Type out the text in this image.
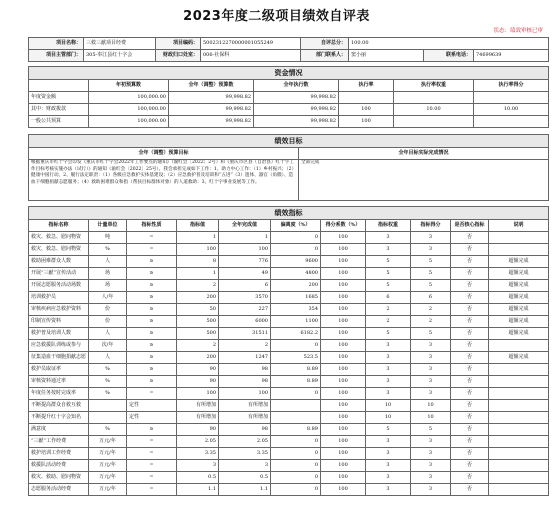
2023年度二级项目绩效自评表
状态：绩效审核已审
项目名称：	三救三献项目经费	项目编码：	5002312270000001055249	自评总分：	100.00		
项目主管部门：	305-奉江县红十字会	财政归口处室：	006-社保科	部门联系人：	窦小丽	联系电话：	74699639
资金情况						
	年初预算数	全年（调整）预算数	全年执行数	执行率	执行率权重	执行率得分
年度资金额	100,000.00	99,998.82	99,998.82			
其中：财政拨款	100,000.00	99,998.82	99,998.82	100	10.00	10.00
一般公共预算	100,000.00	99,998.82	99,998.82	100		
绩效目标	
全年（调整）预算目标	全年目标实际完成情况
根据重庆市红十字会印发《重庆市红十字会2022年工作要点的通知》（渝红会〔2022〕2号）和《重庆市区县（自治县）红十字工作目标考核实施办法（试行）》的通知（渝红会〔2022〕25号），我会承担完成如下工作：1、助力中心工作：（1）乡村振兴；（2）健康中国行动。2、履行法定职责：（1）各级应急救护实体基建设；（2）应急救护普及培训和“五进”（3）遗体、器官（角膜）、造血干细胞捐献志愿服务；（4）救助困难群众和指（帮扶目标群体对象）的人道救助：3、红十字事业发展等工作。	全部完成
绩效指标										
指标名称	计量单位	指标性质	指标值	全年完成值	偏离度（%）	得分系数（%）	指标权重	指标得分	是否核心指标	说明
救灾、救急、慰问物资	吨	=	1	1	0	100	3	3	否	
救灾、救急、慰问物资	%	=	100	100	0	100	3	3	否	
救助困难群众人数	人	≥	8	776	9600	100	5	5	否	超额完成
开展“三献”宣传活动	场	≥	1	49	4800	100	5	5	否	超额完成
开展志愿服务活动场数	场	≥	2	6	200	100	5	5	否	超额完成
培训救护员	人/年	≥	200	3570	1685	100	6	6	否	超额完成
审核疾病应急救护资料	份	≥	50	227	354	100	2	2	否	超额完成
印制宣传资料	份	≥	500	6000	1100	100	2	2	否	超额完成
救护普及培训人数	人	≥	500	31511	6182.2	100	5	5	否	超额完成
应急救援队训练或参与	次/年	≥	2	2	0	100	3	3	否	
征集造血干细胞捐献志愿	人	≥	200	1247	523.5	100	3	3	否	超额完成
救护员取证率	%	≥	90	98	8.89	100	3	3	否	
审核资料通过率	%	≥	90	98	8.89	100	3	3	否	
年度任务按时完成率	%	=	100	100	0	100	3	3	否	
不断提高群众自救互救		定性	有所增加	有所增加		100	10	10	否	
不断提升红十字会知名		定性	有所增加	有所增加		100	10	10	否	
满意度	%	≥	90	98	8.89	100	5	5	否	
“三献”工作经费	万元/年	=	2.05	2.05	0	100	3	3	否	
救护培训工作经费	万元/年	=	3.35	3.35	0	100	3	3	否	
救援队活动经费	万元/年	=	3	3	0	100	3	3	否	
救灾、救助、慰问物资	万元/年	=	0.5	0.5	0	100	3	3	否	
志愿服务活动经费	万元/年	=	1.1	1.1	0	100	3	3	否	
